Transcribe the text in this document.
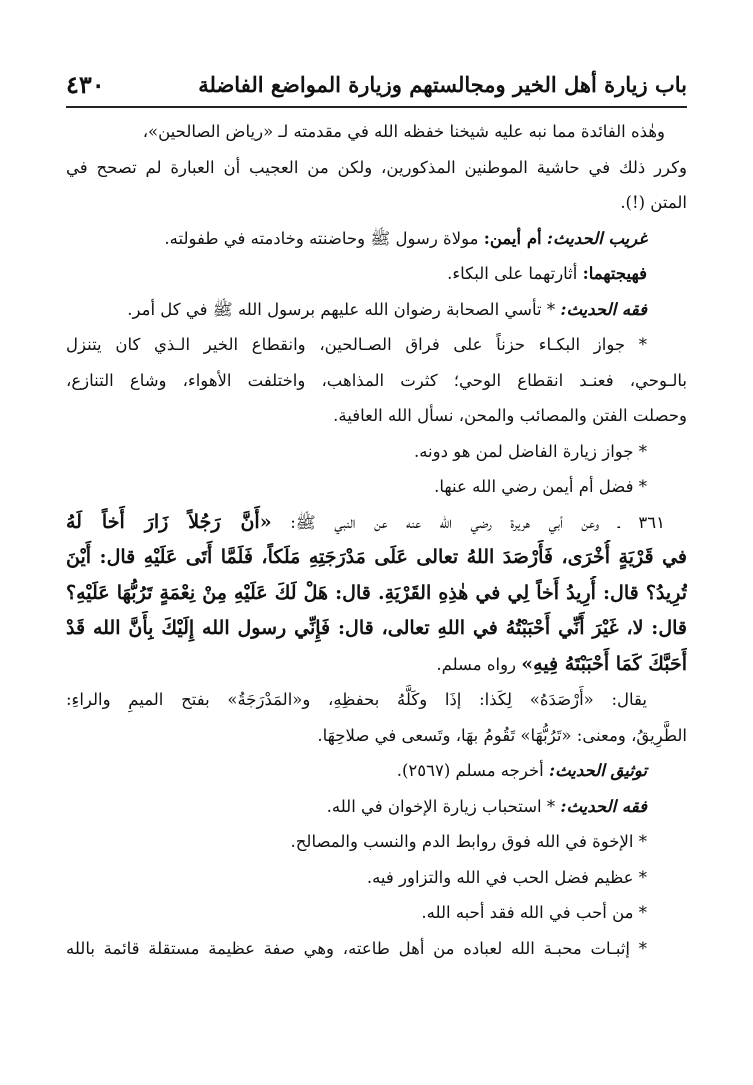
٤٣٠	باب زيارة أهل الخير ومجالستهم وزيارة المواضع الفاضلة
وهٰذه الفائدة مما نبه عليه شيخنا خفظه الله في مقدمته لـ «رياض الصالحين»،
وكرر ذلك في حاشية الموطنين المذكورين، ولكن من العجيب أن العبارة لم تصحح في
المتن (!).
غريب الحديث: أم أيمن: مولاة رسول ﷺ وحاضنته وخادمته في طفولته.
فهيجتهما: أثارتهما على البكاء.
فقه الحديث: * تأسي الصحابة رضوان الله عليهم برسول الله ﷺ في كل أمر.
* جواز البكـاء حزناً على فراق الصـالحين، وانقطاع الخير الـذي كان يتنزل
بالـوحي، فعنـد انقطاع الوحي؛ كثرت المذاهب، واختلفت الأهواء، وشاع التنازع،
وحصلت الفتن والمصائب والمحن، نسأل الله العافية.
* جواز زيارة الفاضل لمن هو دونه.
* فضل أم أيمن رضي الله عنها.
٣٦١ ـ وعن أبي هريرة رضي الله عنه عن النبي ﷺ: «أَنَّ رَجُلاً زَارَ أَخاً لَهُ
في قَرْيَةٍ أُخْرَى، فَأَرْصَدَ اللهُ تعالى عَلَى مَدْرَجَتِهِ مَلَكاً، فَلَمَّا أَتَى عَلَيْهِ قال: أَيْنَ
تُرِيدُ؟ قال: أُرِيدُ أَخاً لِي في هٰذِهِ القَرْيَةِ. قال: هَلْ لَكَ عَلَيْهِ مِنْ نِعْمَةٍ تَرُبُّهَا عَلَيْهِ؟
قال: لا، غَيْرَ أَنِّي أَحْبَبْتُهُ في اللهِ تعالى، قال: فَإِنِّي رسول الله إِلَيْكَ بِأَنَّ الله قَدْ
أَحَبَّكَ كَمَا أَحْبَبْتَهُ فِيهِ» رواه مسلم.
يقال: «أَرْصَدَهُ» لِكَذا: إذَا وكَلَّهُ بحفظِهِ، و«المَدْرَجَةُ» بفتح الميمِ والراءِ:
الطَّرِيقُ، ومعنى: «تَرُبُّهَا» تَقُومُ بهَا، وتَسعى في صلاحِهَا.
توثيق الحديث: أخرجه مسلم (٢٥٦٧).
فقه الحديث: * استحباب زيارة الإخوان في الله.
* الإخوة في الله فوق روابط الدم والنسب والمصالح.
* عظيم فضل الحب في الله والتزاور فيه.
* من أحب في الله فقد أحبه الله.
* إثبـات محبـة الله لعباده من أهل طاعته، وهي صفة عظيمة مستقلة قائمة بالله
